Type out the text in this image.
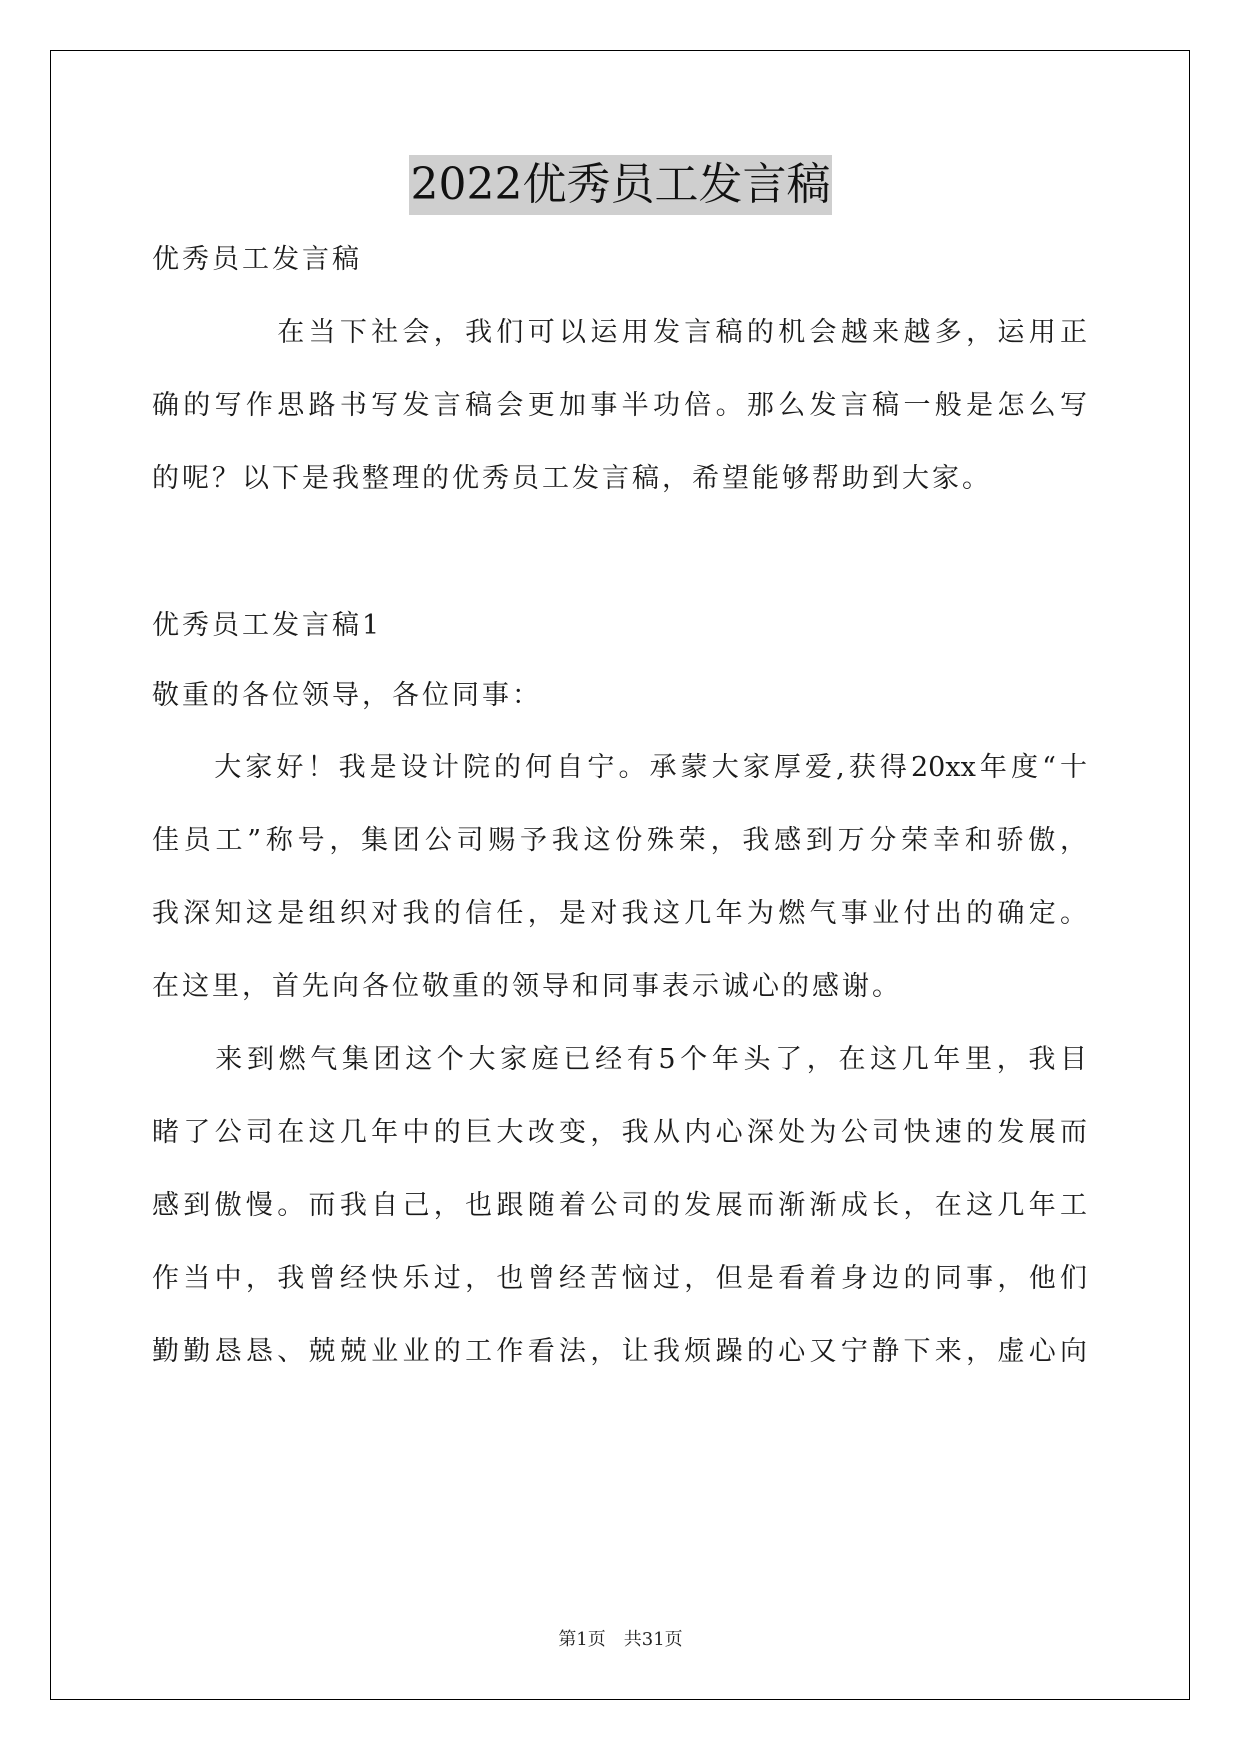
2022优秀员工发言稿
优秀员工发言稿
　　　　在当下社会，我们可以运用发言稿的机会越来越多，运用正
确的写作思路书写发言稿会更加事半功倍。那么发言稿一般是怎么写
的呢？以下是我整理的优秀员工发言稿，希望能够帮助到大家。
优秀员工发言稿1
敬重的各位领导，各位同事：
　　大家好！我是设计院的何自宁。承蒙大家厚爱,获得20xx年度“十
佳员工”称号，集团公司赐予我这份殊荣，我感到万分荣幸和骄傲，
我深知这是组织对我的信任，是对我这几年为燃气事业付出的确定。
在这里，首先向各位敬重的领导和同事表示诚心的感谢。
　　来到燃气集团这个大家庭已经有5个年头了，在这几年里，我目
睹了公司在这几年中的巨大改变，我从内心深处为公司快速的发展而
感到傲慢。而我自己，也跟随着公司的发展而渐渐成长，在这几年工
作当中，我曾经快乐过，也曾经苦恼过，但是看着身边的同事，他们
勤勤恳恳、兢兢业业的工作看法，让我烦躁的心又宁静下来，虚心向
第1页　共31页
